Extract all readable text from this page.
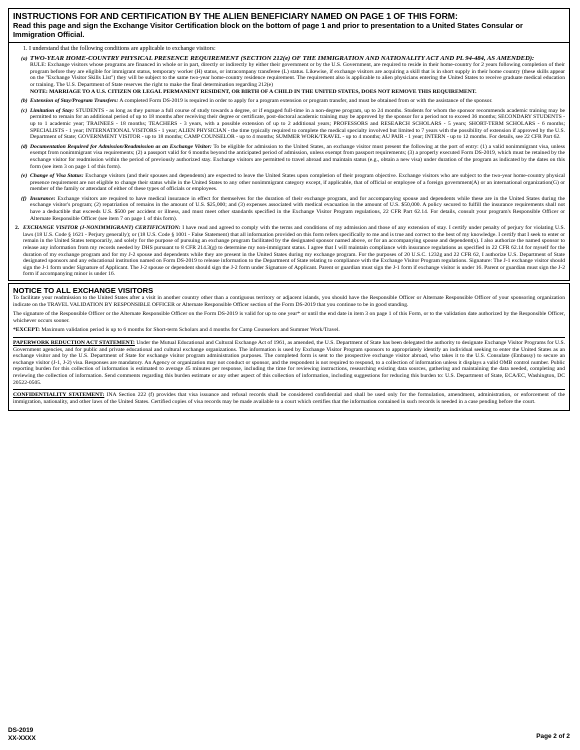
INSTRUCTIONS FOR AND CERTIFICATION BY THE ALIEN BENEFICIARY NAMED ON PAGE 1 OF THIS FORM:
Read this page and sign the Exchange Visitor Certification block on the bottom of page 1 and prior to presentation to a United States Consular or Immigration Official.
1. I understand that the following conditions are applicable to exchange visitors:
(a) TWO-YEAR HOME-COUNTRY PHYSICAL PRESENCE REQUIREMENT (SECTION 212(e) OF THE IMMIGRATION AND NATIONALITY ACT AND PL 94-484, AS AMENDED):
RULE: Exchange visitors whose programs are financed in whole or in part, directly or indirectly by either their government or by the U.S. Government, are required to reside in their home-country for 2 years following completion of their program before they are eligible for immigrant status, temporary worker (H) status, or intracompany transferee (L) status. Likewise, if exchange visitors are acquiring a skill that is in short supply in their home country (these skills appear on the "Exchange Visitor Skills List") they will be subject to the same two-year home-country residence requirement. The requirement also is applicable to alien physicians entering the United States to receive graduate medical education or training. The U.S. Department of State reserves the right to make the final determination regarding 212(e)
NOTE: MARRIAGE TO A U.S. CITIZEN OR LEGAL PERMANENT RESIDENT, OR BIRTH OF A CHILD IN THE UNITED STATES, DOES NOT REMOVE THIS REQUIREMENT.
(b) Extension of Stay/Program Transfers: A completed Form DS-2019 is required in order to apply for a program extension or program transfer, and must be obtained from or with the assistance of the sponsor.
(c) Limitation of Stay: STUDENTS - as long as they pursue a full course of study towards a degree, or if engaged full-time in a non-degree program, up to 24 months. Students for whom the sponsor recommends academic training may be permitted to remain for an additional period of up to 18 months after receiving their degree or certificate, post-doctoral academic training may be approved by the sponsor for a period not to exceed 36 months; SECONDARY STUDENTS - up to 1 academic year; TRAINEES - 18 months; TEACHERS - 3 years, with a possible extension of up to 2 additional years; PROFESSORS and RESEARCH SCHOLARS - 5 years; SHORT-TERM SCHOLARS - 6 months; SPECIALISTS - 1 year; INTERNATIONAL VISITORS - 1 year; ALIEN PHYSICIAN - the time typically required to complete the medical specialty involved but limited to 7 years with the possibility of extension if approved by the U.S. Department of State; GOVERNMENT VISITOR - up to 18 months; CAMP COUNSELOR - up to 4 months; SUMMER WORK/TRAVEL - up to 4 months; AU PAIR - 1 year; INTERN - up to 12 months. For details, see 22 CFR Part 62.
(d) Documentation Required for Admission/Readmission as an Exchange Visitor: To be eligible for admission to the United States, an exchange visitor must present the following at the port of entry: (1) a valid nonimmigrant visa, unless exempt from nonimmigrant visa requirements; (2) a passport valid for 6 months beyond the anticipated period of admission, unless exempt from passport requirements; (3) a properly executed Form DS-2019, which must be retained by the exchange visitor for readmission within the period of previously authorized stay. Exchange visitors are permitted to travel abroad and maintain status (e.g., obtain a new visa) under duration of the program as indicated by the dates on this form (see item 3 on page 1 of this form).
(e) Change of Visa Status: Exchange visitors (and their spouses and dependents) are expected to leave the United States upon completion of their program objective. Exchange visitors who are subject to the two-year home-country physical presence requirement are not eligible to change their status while in the United States to any other nonimmigrant category except, if applicable, that of official or employee of a foreign government(A) or an international organization(G) or member of the family or attendant of either of these types of officials or employees.
(f) Insurance: Exchange visitors are required to have medical insurance in effect for themselves for the duration of their exchange program, and for accompanying spouse and dependents while these are in the United States during the exchange visitor's program; (2) repatriation of remains in the amount of U.S. $25,000; and (3) expenses associated with medical evacuation in the amount of U.S. $50,000. A policy secured to fulfill the insurance requirements shall not have a deductible that exceeds U.S. $500 per accident or illness, and must meet other standards specified in the Exchange Visitor Program regulations, 22 CFR Part 62.14. For details, consult your program's Responsible Officer or Alternate Responsible Officer (see item 7 on page 1 of this form).
2. EXCHANGE VISITOR (J-NONIMMIGRANT) CERTIFICATION: I have read and agreed to comply with the terms and conditions of my admission and those of any extension of stay. I certify under penalty of perjury for violating U.S. laws (18 U.S. Code § 1621 - Perjury generally); or (18 U.S. Code § 1001 - False Statement) that all information provided on this form refers specifically to me and is true and correct to the best of my knowledge. I certify that I seek to enter or remain in the United States temporarily, and solely for the purpose of pursuing an exchange program facilitated by the designated sponsor named above, or for an accompanying spouse and dependent(s). I also authorize the named sponsor to release any information from my records needed by DHS pursuant to 8 CFR 214.3(g) to determine my non-immigrant status. I agree that I will maintain compliance with insurance regulations as specified in 22 CFR 62.14 for myself for the duration of my exchange program and for my J-2 spouse and dependents while they are present in the United States during my exchange program. For the purposes of 20 U.S.C. 1232g and 22 CFR 62, I authorize U.S. Department of State designated sponsors and any educational institution named on Form DS-2019 to release information to the Department of State relating to compliance with the Exchange Visitor Program regulations. Signature: The J-1 exchange visitor should sign the J-1 form under Signature of Applicant. The J-2 spouse or dependent should sign the J-2 form under Signature of Applicant. Parent or guardian must sign the J-1 form if exchange visitor is under 16. Parent or guardian must sign the J-2 form if accompanying minor is under 16.
NOTICE TO ALL EXCHANGE VISITORS

To facilitate your readmission to the United States after a visit in another country other than a contiguous territory or adjacent islands, you should have the Responsible Officer or Alternate Responsible Officer of your sponsoring organization indicate on the TRAVEL VALIDATION BY RESPONSIBLE OFFICER or Alternate Responsible Officer section of the Form DS-2019 that you continue to be in good standing.

The signature of the Responsible Officer or the Alternate Responsible Officer on the Form DS-2019 is valid for up to one year* or until the end date in item 3 on page 1 of this Form, or to the validation date authorized by the Responsible Officer, whichever occurs sooner.

*EXCEPT: Maximum validation period is up to 6 months for Short-term Scholars and 4 months for Camp Counselors and Summer Work/Travel.

PAPERWORK REDUCTION ACT STATEMENT: Under the Mutual Educational and Cultural Exchange Act of 1961, as amended, the U.S. Department of State has been delegated the authority to designate Exchange Visitor Programs for U.S. Government agencies, and for public and private educational and cultural exchange organizations. The information is used by Exchange Visitor Program sponsors to appropriately identify an individual seeking to enter the United States as an exchange visitor and by the U.S. Department of State for exchange visitor program administration purposes. The completed form is sent to the prospective exchange visitor abroad, who takes it to the U.S. Consulate (Embassy) to secure an exchange visitor (J-1, J-2) visa. Responses are mandatory. An Agency or organization may not conduct or sponsor, and the respondent is not required to respond, to a collection of information unless it displays a valid OMB control number. Public reporting burden for this collection of information is estimated to average 45 minutes per response, including the time for reviewing instructions, researching existing data sources, gathering and maintaining the data needed, completing and reviewing the collection of information. Send comments regarding this burden estimate or any other aspect of this collection of information, including suggestions for reducing this burden to: U.S. Department of State, ECA/EC, Washington, DC 20522-0505.

CONFIDENTIALITY STATEMENT: INA Section 222 (f) provides that visa issuance and refusal records shall be considered confidential and shall be used only for the formulation, amendment, administration, or enforcement of the immigration, nationality, and other laws of the United States. Certified copies of visa records may be made available to a court which certifies that the information contained in such records is needed in a case pending before the court.

DS-2019
XX-XXXX	Page 2 of 2
